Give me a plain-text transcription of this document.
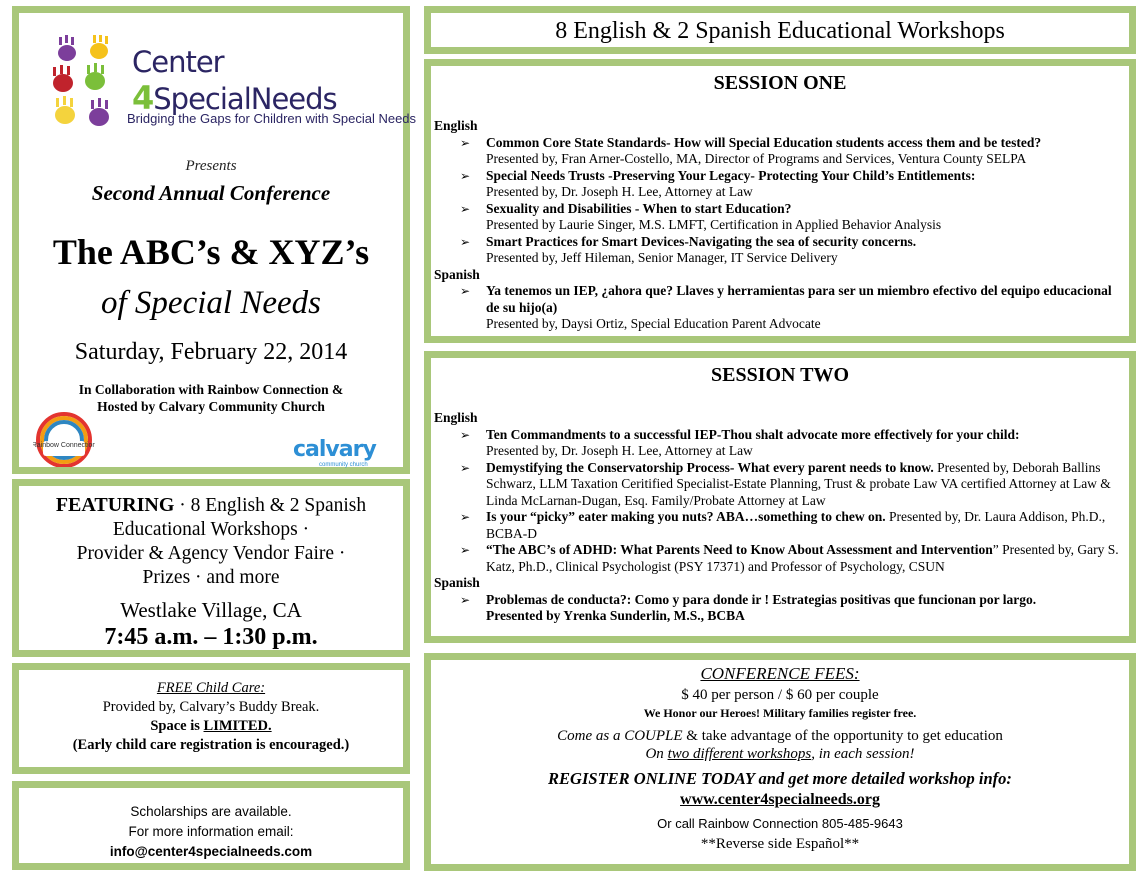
Center
4SpecialNeeds
Bridging the Gaps for Children with Special Needs
Presents
Second Annual Conference
The ABC’s & XYZ’s
of Special Needs
Saturday, February 22, 2014
In Collaboration with Rainbow Connection &
Hosted by Calvary Community Church
Rainbow Connection	calvary
community church
FEATURING · 8 English & 2 Spanish
Educational Workshops ·
Provider & Agency Vendor Faire ·
Prizes · and more
Westlake Village, CA
7:45 a.m. – 1:30 p.m.
FREE Child Care:
Provided by, Calvary’s Buddy Break.
Space is LIMITED.
(Early child care registration is encouraged.)
Scholarships are available.
For more information email:
info@center4specialneeds.com
8 English & 2 Spanish Educational Workshops
SESSION ONE
English
➢ Common Core State Standards- How will Special Education students access them and be tested?
Presented by, Fran Arner-Costello, MA, Director of Programs and Services, Ventura County SELPA
➢ Special Needs Trusts -Preserving Your Legacy- Protecting Your Child’s Entitlements:
Presented by, Dr. Joseph H. Lee, Attorney at Law
➢ Sexuality and Disabilities - When to start Education?
Presented by Laurie Singer, M.S. LMFT, Certification in Applied Behavior Analysis
➢ Smart Practices for Smart Devices-Navigating the sea of security concerns.
Presented by, Jeff Hileman, Senior Manager, IT Service Delivery
Spanish
➢ Ya tenemos un IEP, ¿ahora que? Llaves y herramientas para ser un miembro efectivo del equipo educacional de su hijo(a)
Presented by, Daysi Ortiz, Special Education Parent Advocate
SESSION TWO
English
➢ Ten Commandments to a successful IEP-Thou shalt advocate more effectively for your child:
Presented by, Dr. Joseph H. Lee, Attorney at Law
➢ Demystifying the Conservatorship Process- What every parent needs to know. Presented by, Deborah Ballins Schwarz, LLM Taxation Ceritified Specialist-Estate Planning, Trust & probate Law VA certified Attorney at Law & Linda McLarnan-Dugan, Esq. Family/Probate Attorney at Law
➢ Is your “picky” eater making you nuts? ABA…something to chew on. Presented by, Dr. Laura Addison, Ph.D., BCBA-D
➢ “The ABC’s of ADHD: What Parents Need to Know About Assessment and Intervention” Presented by, Gary S. Katz, Ph.D., Clinical Psychologist (PSY 17371) and Professor of Psychology, CSUN
Spanish
➢ Problemas de conducta?: Como y para donde ir ! Estrategias positivas que funcionan por largo.
Presented by Yrenka Sunderlin, M.S., BCBA
CONFERENCE FEES:
$ 40 per person / $ 60 per couple
We Honor our Heroes! Military families register free.
Come as a COUPLE & take advantage of the opportunity to get education
On two different workshops, in each session!
REGISTER ONLINE TODAY and get more detailed workshop info:
www.center4specialneeds.org
Or call Rainbow Connection 805-485-9643
**Reverse side Español**
